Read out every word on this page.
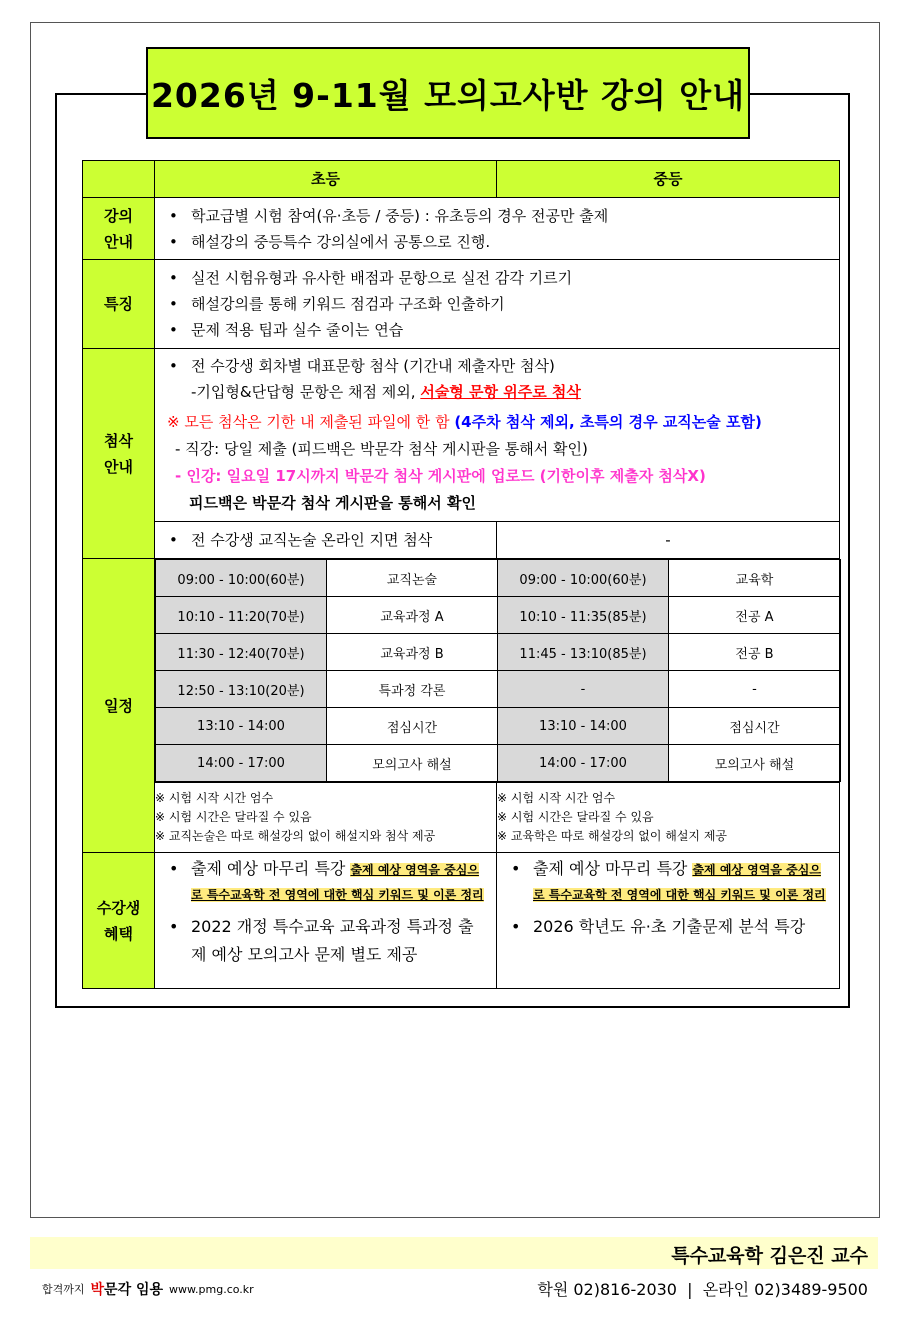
2026년 9-11월 모의고사반 강의 안내
	초등	중등

강의
안내

• 학교급별 시험 참여(유·초등 / 중등) : 유초등의 경우 전공만 출제
• 해설강의 중등특수 강의실에서 공통으로 진행.

특징	
• 실전 시험유형과 유사한 배점과 문항으로 실전 감각 기르기
• 해설강의를 통해 키워드 점검과 구조화 인출하기
• 문제 적용 팁과 실수 줄이는 연습

첨삭
안내

• 전 수강생 회차별 대표문항 첨삭 (기간내 제출자만 첨삭)
-기입형&단답형 문항은 채점 제외, 서술형 문항 위주로 첨삭
※ 모든 첨삭은 기한 내 제출된 파일에 한 함 (4주차 첨삭 제외, 초특의 경우 교직논술 포함)
- 직강: 당일 제출 (피드백은 박문각 첨삭 게시판을 통해서 확인)
- 인강: 일요일 17시까지 박문각 첨삭 게시판에 업로드 (기한이후 제출자 첨삭X)
피드백은 박문각 첨삭 게시판을 통해서 확인

• 전 수강생 교직논술 온라인 지면 첨삭	-
일정	
09:00 - 10:00(60분)	교직논술	09:00 - 10:00(60분)	교육학
10:10 - 11:20(70분)	교육과정 A	10:10 - 11:35(85분)	전공 A
11:30 - 12:40(70분)	교육과정 B	11:45 - 13:10(85분)	전공 B
12:50 - 13:10(20분)	특과정 각론	-	-
13:10 - 14:00	점심시간	13:10 - 14:00	점심시간
14:00 - 17:00	모의고사 해설	14:00 - 17:00	모의고사 해설

※ 시험 시작 시간 엄수
※ 시험 시간은 달라질 수 있음
※ 교직논술은 따로 해설강의 없이 해설지와 첨삭 제공

※ 시험 시작 시간 엄수
※ 시험 시간은 달라질 수 있음
※ 교육학은 따로 해설강의 없이 해설지 제공

수강생
혜택

• 출제 예상 마무리 특강 출제 예상 영역을 중심으로 특수교육학 전 영역에 대한 핵심 키워드 및 이론 정리
• 2022 개정 특수교육 교육과정 특과정 출제 예상 모의고사 문제 별도 제공

• 출제 예상 마무리 특강 출제 예상 영역을 중심으로 특수교육학 전 영역에 대한 핵심 키워드 및 이론 정리
• 2026 학년도 유·초 기출문제 분석 특강
특수교육학 김은진 교수
합격까지 박문각 임용 www.pmg.co.kr	학원 02)816-2030  |  온라인 02)3489-9500
